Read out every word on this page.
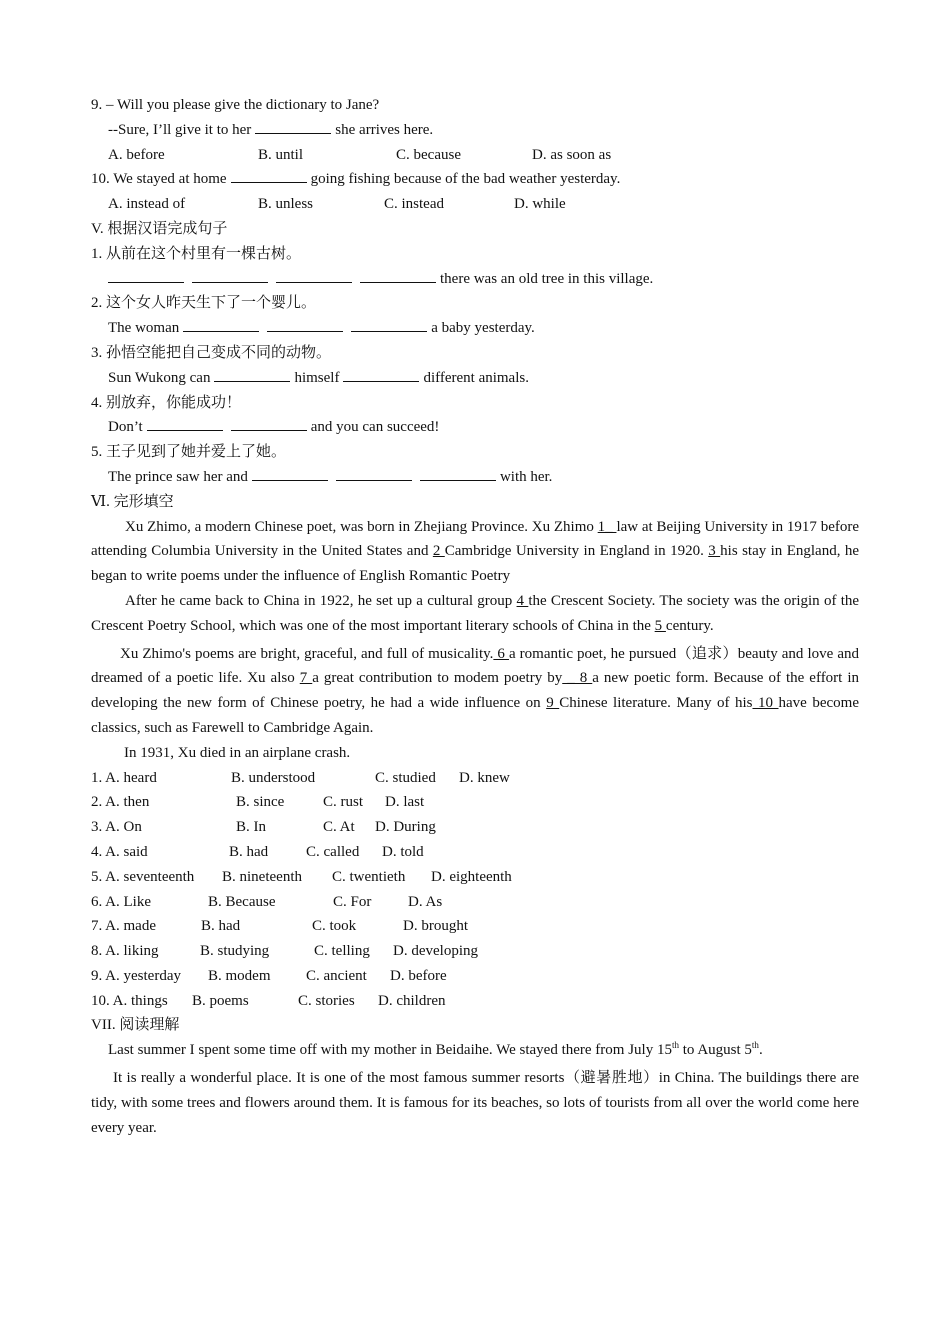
9. – Will you please give the dictionary to Jane?
--Sure, I’ll give it to her	she arrives here.
A. before	B. until	C. because	D. as soon as
10. We stayed at home	going fishing because of the bad weather yesterday.
A. instead of	B. unless	C. instead	D. while
V. 根据汉语完成句子
1. 从前在这个村里有一棵古树。
there was an old tree in this village.
2. 这个女人昨天生下了一个婴儿。
The woman	a baby yesterday.
3. 孙悟空能把自己变成不同的动物。
Sun Wukong can	himself	different animals.
4. 别放弃，你能成功！
Don’t	and you can succeed!
5. 王子见到了她并爱上了她。
The prince saw her and	with her.
Ⅵ. 完形填空
Xu Zhimo, a modern Chinese poet, was born in Zhejiang Province. Xu Zhimo 1_ law at Beijing University in 1917 before attending Columbia University in the United States and 2 Cambridge University in England in 1920. 3 his stay in England, he began to write poems under the influence of English Romantic Poetry
After he came back to China in 1922, he set up a cultural group 4 the Crescent Society. The society was the origin of the Crescent Poetry School, which was one of the most important literary schools of China in the 5 century.
Xu Zhimo's poems are bright, graceful, and full of musicality. 6 a romantic poet, he pursued（追求）beauty and love and dreamed of a poetic life. Xu also 7 a great contribution to modem poetry by _ 8 a new poetic form. Because of the effort in developing the new form of Chinese poetry, he had a wide influence on 9 Chinese literature. Many of his 10 have become classics, such as Farewell to Cambridge Again.
In 1931, Xu died in an airplane crash.
1. A. heard	B. understood	C. studied D. knew
2. A. then	B. since	C. rust D. last
3. A. On	B. In	C. At D. During
4. A. said	B. had	C. called D. told
5. A. seventeenth B. nineteenth C. twentieth D. eighteenth
6. A. Like	B. Because	C. For D. As
7. A. made	B. had	C. took	D. brought
8. A. liking	B. studying	C. telling D. developing
9. A. yesterday B. modem C. ancient D. before
10. A. things B. poems	C. stories D. children
VII. 阅读理解
Last summer I spent some time off with my mother in Beidaihe. We stayed there from July 15th to August 5th.
It is really a wonderful place. It is one of the most famous summer resorts（避暑胜地）in China. The buildings there are tidy, with some trees and flowers around them. It is famous for its beaches, so lots of tourists from all over the world come here every year.
